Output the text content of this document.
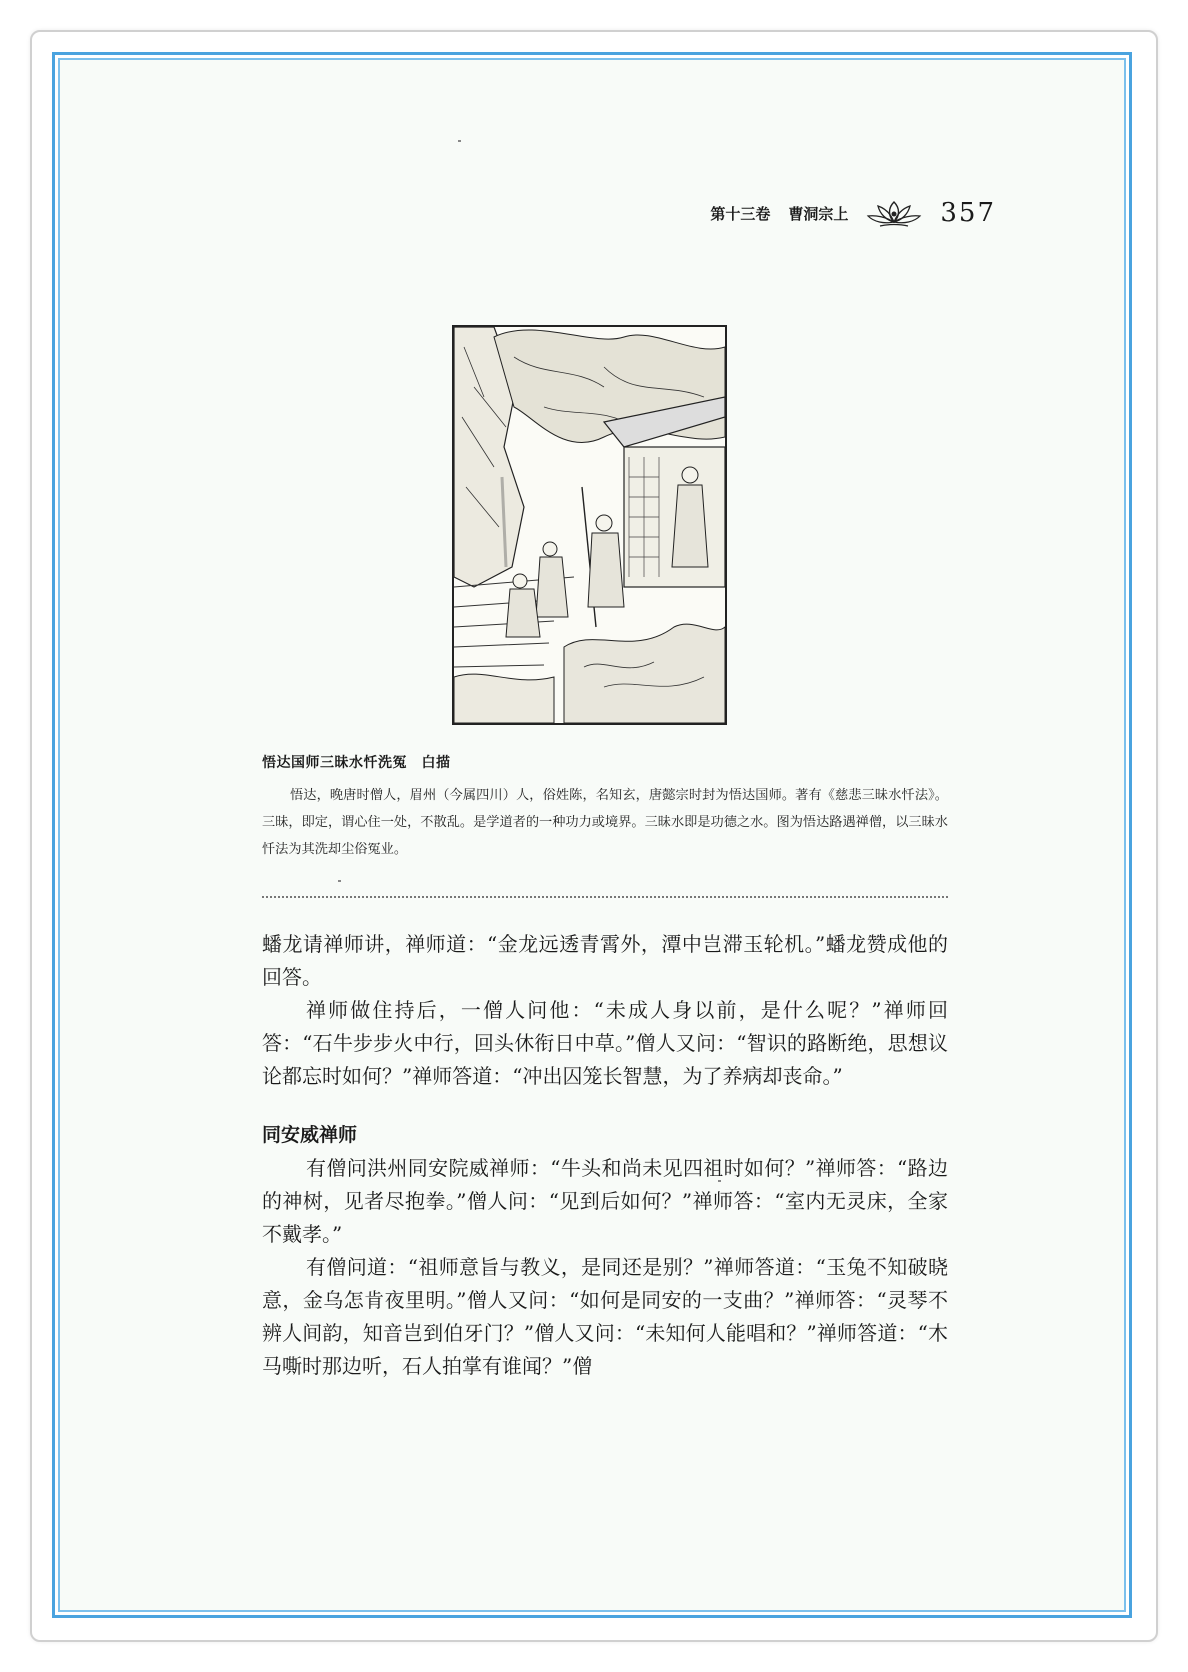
第十三卷 曹洞宗上	357
悟达国师三昧水忏洗冤　白描
悟达，晚唐时僧人，眉州（今属四川）人，俗姓陈，名知玄，唐懿宗时封为悟达国师。著有《慈悲三昧水忏法》。三昧，即定，谓心住一处，不散乱。是学道者的一种功力或境界。三昧水即是功德之水。图为悟达路遇禅僧，以三昧水忏法为其洗却尘俗冤业。

蟠龙请禅师讲，禅师道：“金龙远透青霄外，潭中岂滞玉轮机。”蟠龙赞成他的回答。

禅师做住持后，一僧人问他：“未成人身以前，是什么呢？”禅师回答：“石牛步步火中行，回头休衔日中草。”僧人又问：“智识的路断绝，思想议论都忘时如何？”禅师答道：“冲出囚笼长智慧，为了养病却丧命。”

同安威禅师

有僧问洪州同安院威禅师：“牛头和尚未见四祖时如何？”禅师答：“路边的神树，见者尽抱拳。”僧人问：“见到后如何？”禅师答：“室内无灵床，全家不戴孝。”

有僧问道：“祖师意旨与教义，是同还是别？”禅师答道：“玉兔不知破晓意，金乌怎肯夜里明。”僧人又问：“如何是同安的一支曲？”禅师答：“灵琴不辨人间韵，知音岂到伯牙门？”僧人又问：“未知何人能唱和？”禅师答道：“木马嘶时那边听，石人拍掌有谁闻？”僧
